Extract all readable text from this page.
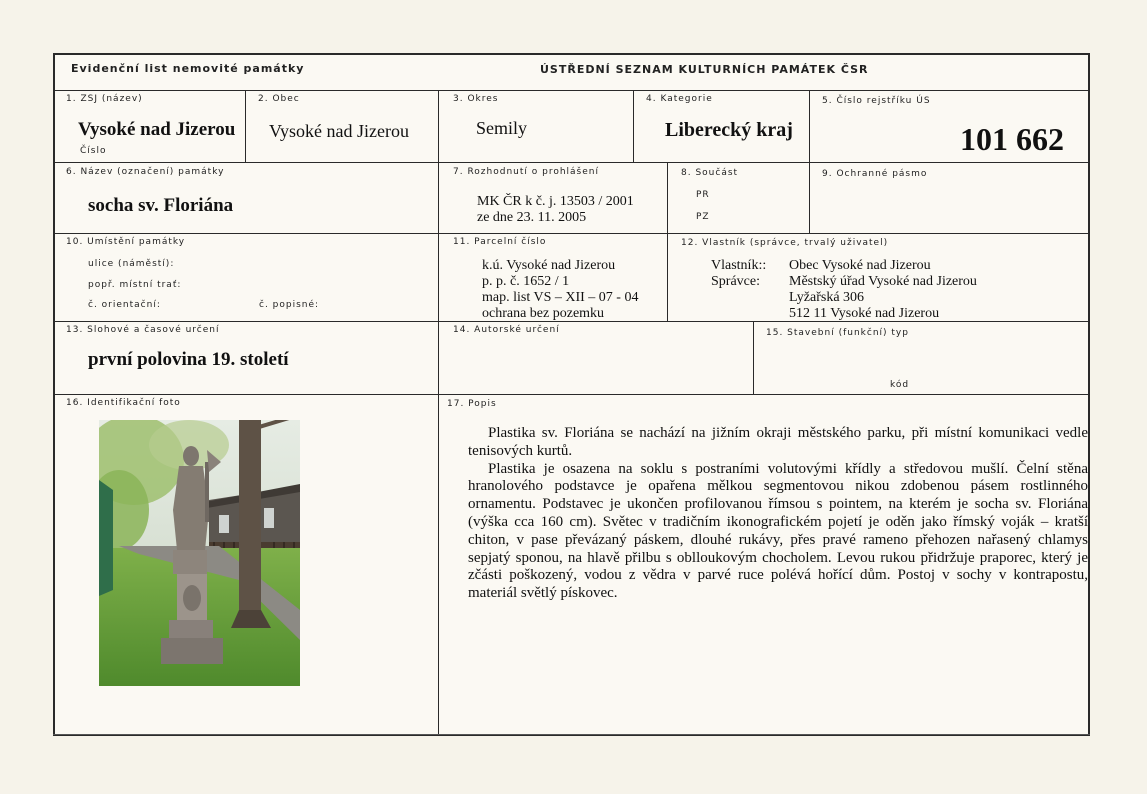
Evidenční list nemovité památky	ÚSTŘEDNÍ SEZNAM KULTURNÍCH PAMÁTEK ČSR
1. ZSJ (název)
Vysoké nad Jizerou
Číslo
2. Obec
Vysoké nad Jizerou
3. Okres
Semily
4. Kategorie
Liberecký kraj
5. Číslo rejstříku ÚS
101 662
6. Název (označení) památky
socha sv. Floriána
7. Rozhodnutí o prohlášení
MK ČR k č. j. 13503 / 2001
ze dne 23. 11. 2005
8. Součást
PR
PZ
9. Ochranné pásmo
10. Umístění památky
ulice (náměstí):
popř. místní trať:
č. orientační:	č. popisné:
11. Parcelní číslo
k.ú. Vysoké nad Jizerou
p. p. č. 1652 / 1
map. list VS – XII – 07 - 04
ochrana bez pozemku
12. Vlastník (správce, trvalý uživatel)
Vlastník:: Obec Vysoké nad Jizerou
Správce: Městský úřad Vysoké nad Jizerou
Lyžařská 306
512 11 Vysoké nad Jizerou
13. Slohové a časové určení
první polovina 19. století
14. Autorské určení	15. Stavební (funkční) typ
kód
16. Identifikační foto	17. Popis

Plastika sv. Floriána se nachází na jižním okraji městského parku, při místní komunikaci vedle tenisových kurtů.

Plastika je osazena na soklu s postraními volutovými křídly a středovou mušlí. Čelní stěna hranolového podstavce je opařena mělkou segmentovou nikou zdobenou pásem rostlinného ornamentu. Podstavec je ukončen profilovanou římsou s pointem, na kterém je socha sv. Floriána (výška cca 160 cm). Světec v tradičním ikonografickém pojetí je oděn jako římský voják – kratší chiton, v pase převázaný páskem, dlouhé rukávy, přes pravé rameno přehozen nařasený chlamys sepjatý sponou, na hlavě přilbu s oblloukovým chocholem. Levou rukou přidržuje praporec, který je zčásti poškozený, vodou z vědra v parvé ruce polévá hořící dům. Postoj v sochy v kontrapostu, materiál světlý pískovec.
